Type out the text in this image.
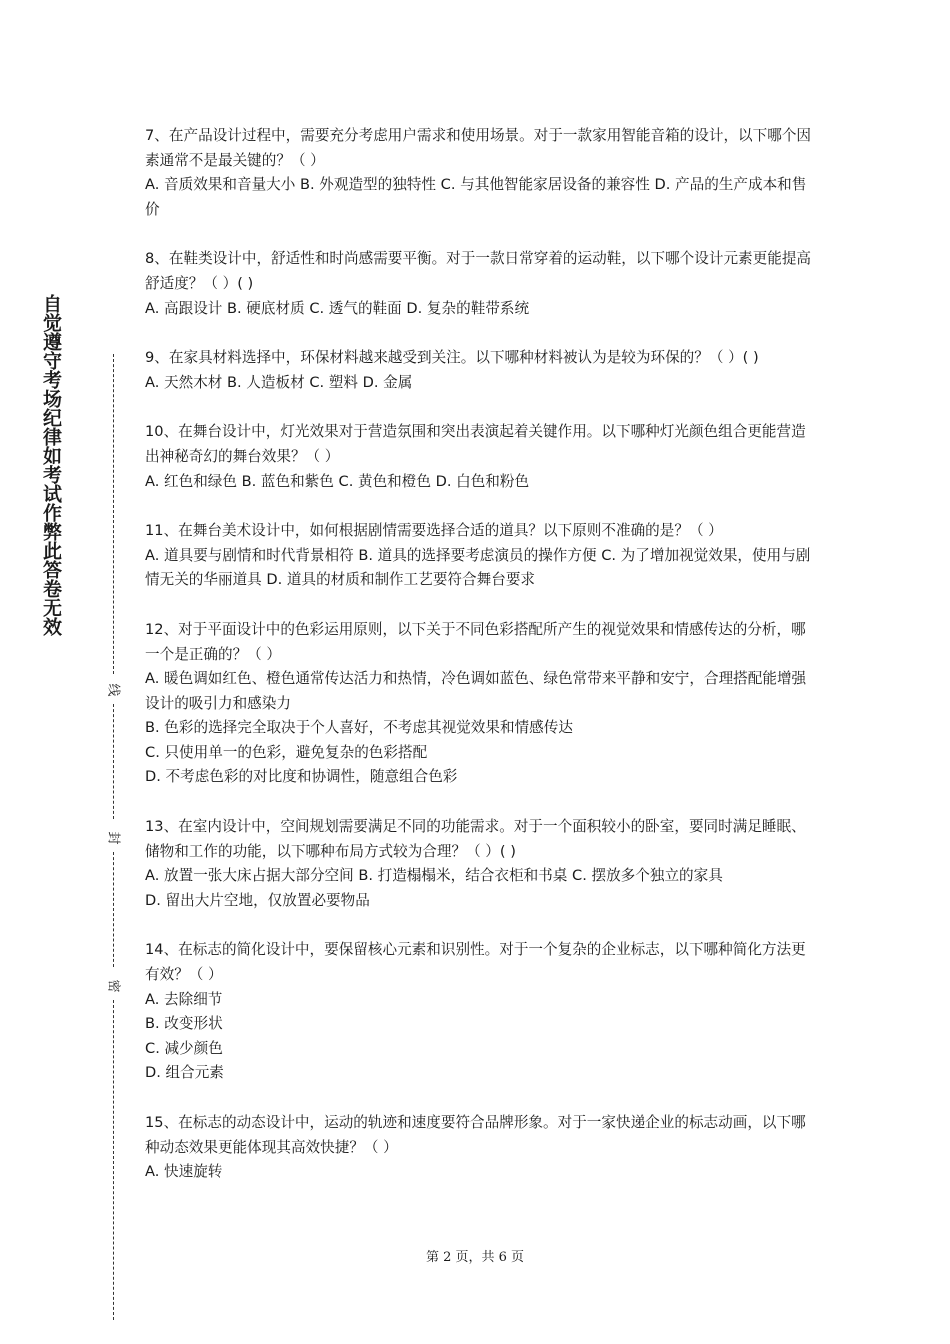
自觉遵守考场纪律如考试作弊此答卷无效
线
封
密

7、在产品设计过程中，需要充分考虑用户需求和使用场景。对于一款家用智能音箱的设计，以下哪个因素通常不是最关键的？（ ）

A. 音质效果和音量大小 B. 外观造型的独特性 C. 与其他智能家居设备的兼容性 D. 产品的生产成本和售价

8、在鞋类设计中，舒适性和时尚感需要平衡。对于一款日常穿着的运动鞋，以下哪个设计元素更能提高舒适度？（ ）( )

A. 高跟设计 B. 硬底材质 C. 透气的鞋面 D. 复杂的鞋带系统

9、在家具材料选择中，环保材料越来越受到关注。以下哪种材料被认为是较为环保的？（ ）( )

A. 天然木材 B. 人造板材 C. 塑料 D. 金属

10、在舞台设计中，灯光效果对于营造氛围和突出表演起着关键作用。以下哪种灯光颜色组合更能营造出神秘奇幻的舞台效果？（ ）

A. 红色和绿色 B. 蓝色和紫色 C. 黄色和橙色 D. 白色和粉色

11、在舞台美术设计中，如何根据剧情需要选择合适的道具？以下原则不准确的是？（ ）

A. 道具要与剧情和时代背景相符 B. 道具的选择要考虑演员的操作方便 C. 为了增加视觉效果，使用与剧情无关的华丽道具 D. 道具的材质和制作工艺要符合舞台要求

12、对于平面设计中的色彩运用原则，以下关于不同色彩搭配所产生的视觉效果和情感传达的分析，哪一个是正确的？（ ）

A. 暖色调如红色、橙色通常传达活力和热情，冷色调如蓝色、绿色常带来平静和安宁，合理搭配能增强设计的吸引力和感染力

B. 色彩的选择完全取决于个人喜好，不考虑其视觉效果和情感传达

C. 只使用单一的色彩，避免复杂的色彩搭配

D. 不考虑色彩的对比度和协调性，随意组合色彩

13、在室内设计中，空间规划需要满足不同的功能需求。对于一个面积较小的卧室，要同时满足睡眠、储物和工作的功能，以下哪种布局方式较为合理？（ ）( )

A. 放置一张大床占据大部分空间 B. 打造榻榻米，结合衣柜和书桌 C. 摆放多个独立的家具

D. 留出大片空地，仅放置必要物品

14、在标志的简化设计中，要保留核心元素和识别性。对于一个复杂的企业标志，以下哪种简化方法更有效？（ ）

A. 去除细节

B. 改变形状

C. 减少颜色

D. 组合元素

15、在标志的动态设计中，运动的轨迹和速度要符合品牌形象。对于一家快递企业的标志动画，以下哪种动态效果更能体现其高效快捷？（ ）

A. 快速旋转

第 2 页，共 6 页
